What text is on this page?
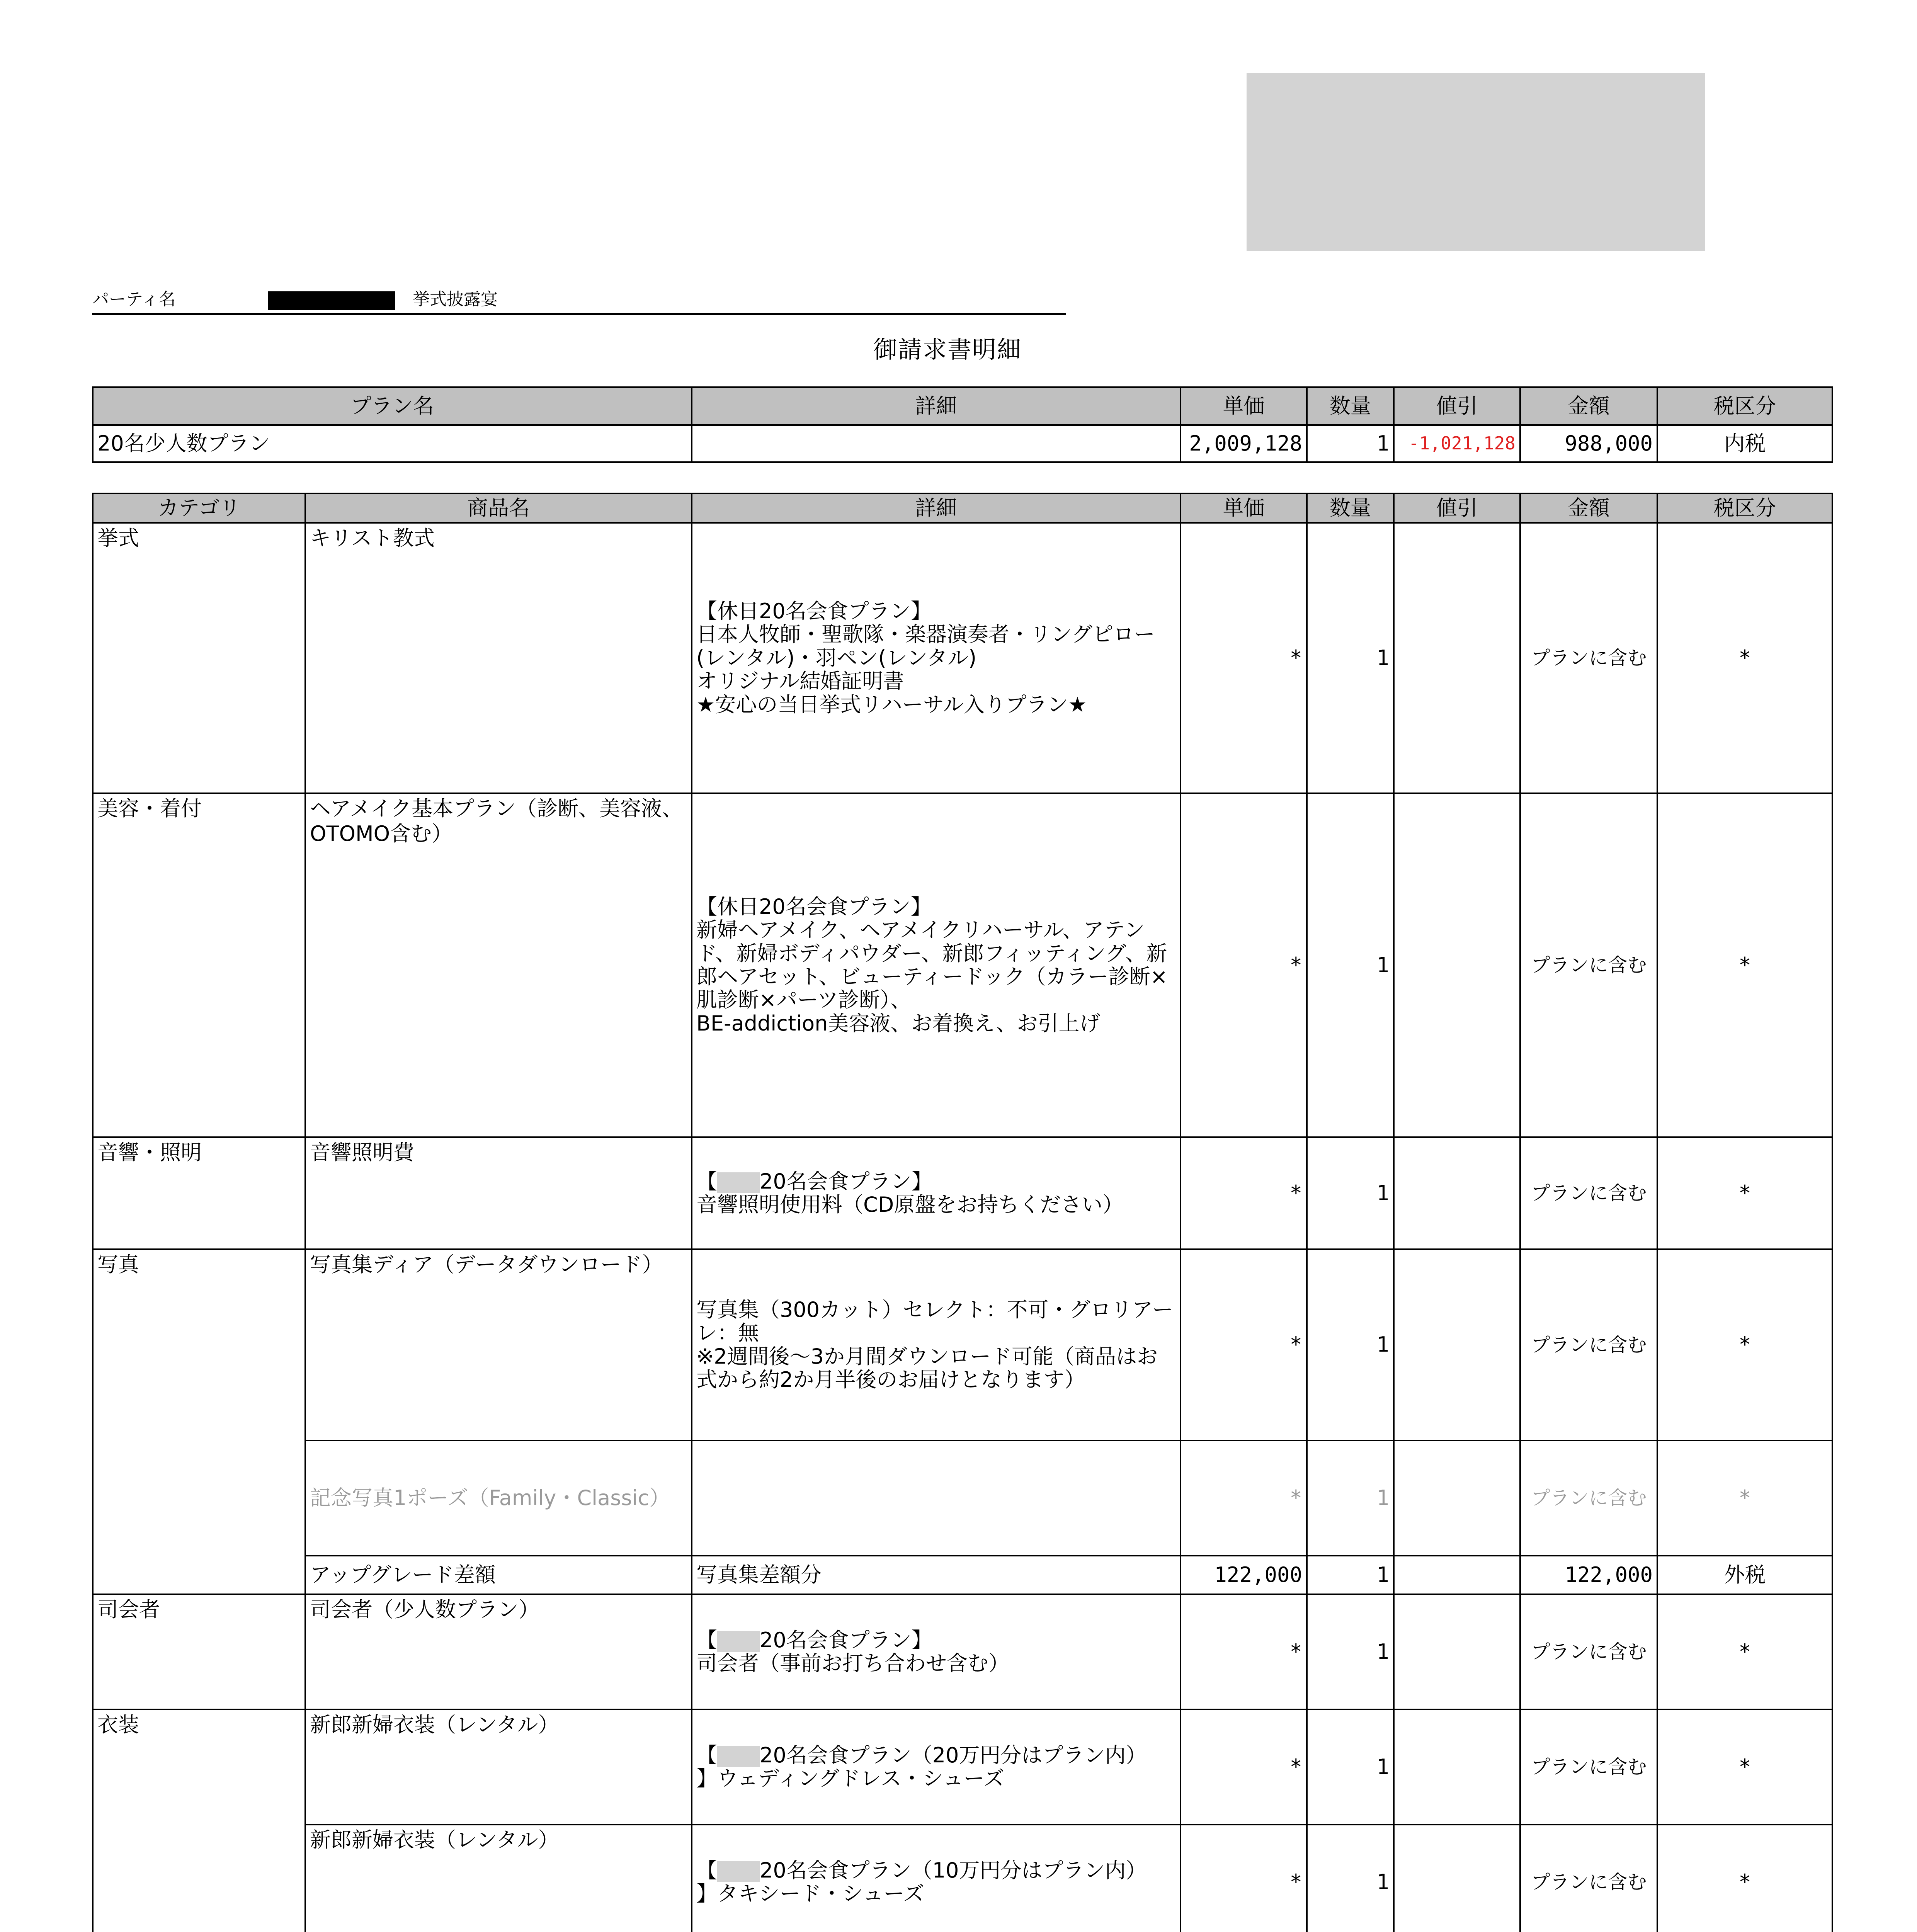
パーティ名	挙式披露宴
御請求書明細
プラン名	詳細	単価	数量	値引	金額	税区分
20名少人数プラン		2,009,128	1	-1,021,128	988,000	内税
カテゴリ	商品名	詳細	単価	数量	値引	金額	税区分
挙式	キリスト教式	【休日20名会食プラン】
日本人牧師・聖歌隊・楽器演奏者・リングピロー(レンタル)・羽ペン(レンタル)
オリジナル結婚証明書
★安心の当日挙式リハーサル入りプラン★	*	1		プランに含む	*
美容・着付	ヘアメイク基本プラン（診断、美容液、OTOMO含む）	【休日20名会食プラン】
新婦ヘアメイク、ヘアメイクリハーサル、アテンド、新婦ボディパウダー、新郎フィッティング、新郎ヘアセット、ビューティードック（カラー診断×肌診断×パーツ診断）、
BE-addiction美容液、お着換え、お引上げ	*	1		プランに含む	*
音響・照明	音響照明費	【 20名会食プラン】
音響照明使用料（CD原盤をお持ちください）	*	1		プランに含む	*
写真	写真集ディア（データダウンロード）	写真集（300カット）セレクト：不可・グロリアーレ：無
※2週間後〜3か月間ダウンロード可能（商品はお式から約2か月半後のお届けとなります）	*	1		プランに含む	*
	記念写真1ポーズ（Family・Classic）		*	1		プランに含む	*
	アップグレード差額	写真集差額分	122,000	1		122,000	外税
司会者	司会者（少人数プラン）	【 20名会食プラン】
司会者（事前お打ち合わせ含む）	*	1		プランに含む	*
衣装	新郎新婦衣装（レンタル）	【 20名会食プラン（20万円分はプラン内）
】ウェディングドレス・シューズ	*	1		プランに含む	*
	新郎新婦衣装（レンタル）	【 20名会食プラン（10万円分はプラン内）
】タキシード・シューズ	*	1		プランに含む	*
